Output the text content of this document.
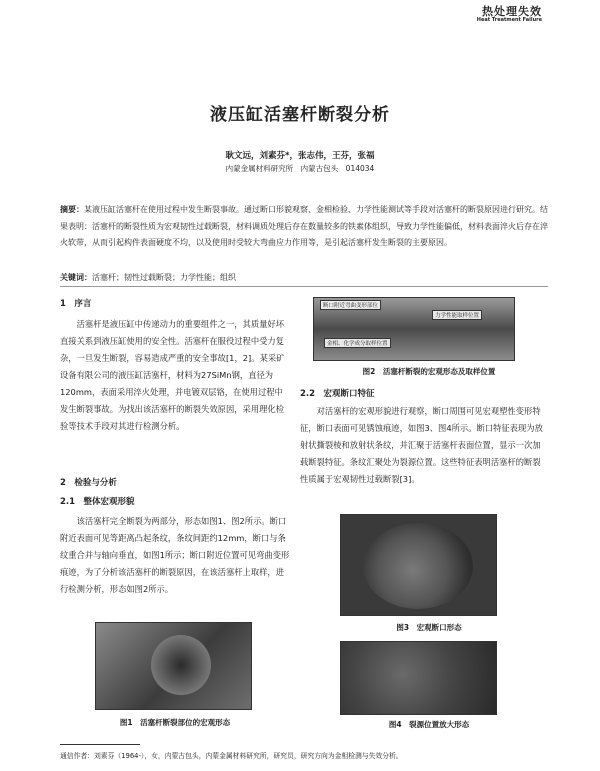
热处理失效
Heat Treatment Failure
液压缸活塞杆断裂分析
耿文远，刘素芬*，张志伟，王芬，张福
内蒙金属材料研究所　内蒙古包头　014034
摘要：某液压缸活塞杆在使用过程中发生断裂事故。通过断口形貌观察、金相检验、力学性能测试等手段对活塞杆的断裂原因进行研究。结果表明：活塞杆的断裂性质为宏观韧性过载断裂，材料调质处理后存在数量较多的铁素体组织，导致力学性能偏低，材料表面淬火后存在淬火软带，从而引起构件表面硬度不均，以及使用时受较大弯曲应力作用等，是引起活塞杆发生断裂的主要原因。
关键词：活塞杆；韧性过载断裂；力学性能；组织
1　序言
活塞杆是液压缸中传递动力的重要组件之一，其质量好坏直接关系到液压缸使用的安全性。活塞杆在服役过程中受力复杂，一旦发生断裂，容易造成严重的安全事故[1，2]。某采矿设备有限公司的液压缸活塞杆，材料为27SiMn钢，直径为120mm，表面采用淬火处理，并电镀双层铬，在使用过程中发生断裂事故。为找出该活塞杆的断裂失效原因，采用理化检验等技术手段对其进行检测分析。
2　检验与分析
2.1　整体宏观形貌
该活塞杆完全断裂为两部分，形态如图1、图2所示。断口附近表面可见等距离凸起条纹，条纹间距约12mm，断口与条纹重合并与轴向垂直，如图1所示；断口附近位置可见弯曲变形痕迹，为了分析该活塞杆的断裂原因，在该活塞杆上取样，进行检测分析，形态如图2所示。
图1　活塞杆断裂部位的宏观形态
断口附近弯曲变形部位
力学性能取样位置
金相、化学成分取样位置
图2　活塞杆断裂的宏观形态及取样位置
2.2　宏观断口特征
对活塞杆的宏观形貌进行观察，断口周围可见宏观塑性变形特征，断口表面可见锈蚀痕迹，如图3、图4所示。断口特征表现为放射状撕裂棱和放射状条纹，并汇聚于活塞杆表面位置，显示一次加载断裂特征。条纹汇聚处为裂源位置。这些特征表明活塞杆的断裂性质属于宏观韧性过载断裂[3]。
图3　宏观断口形态
图4　裂源位置放大形态
通信作者：刘素芬（1964-），女，内蒙古包头，内蒙金属材料研究所，研究员，研究方向为金相检测与失效分析。
